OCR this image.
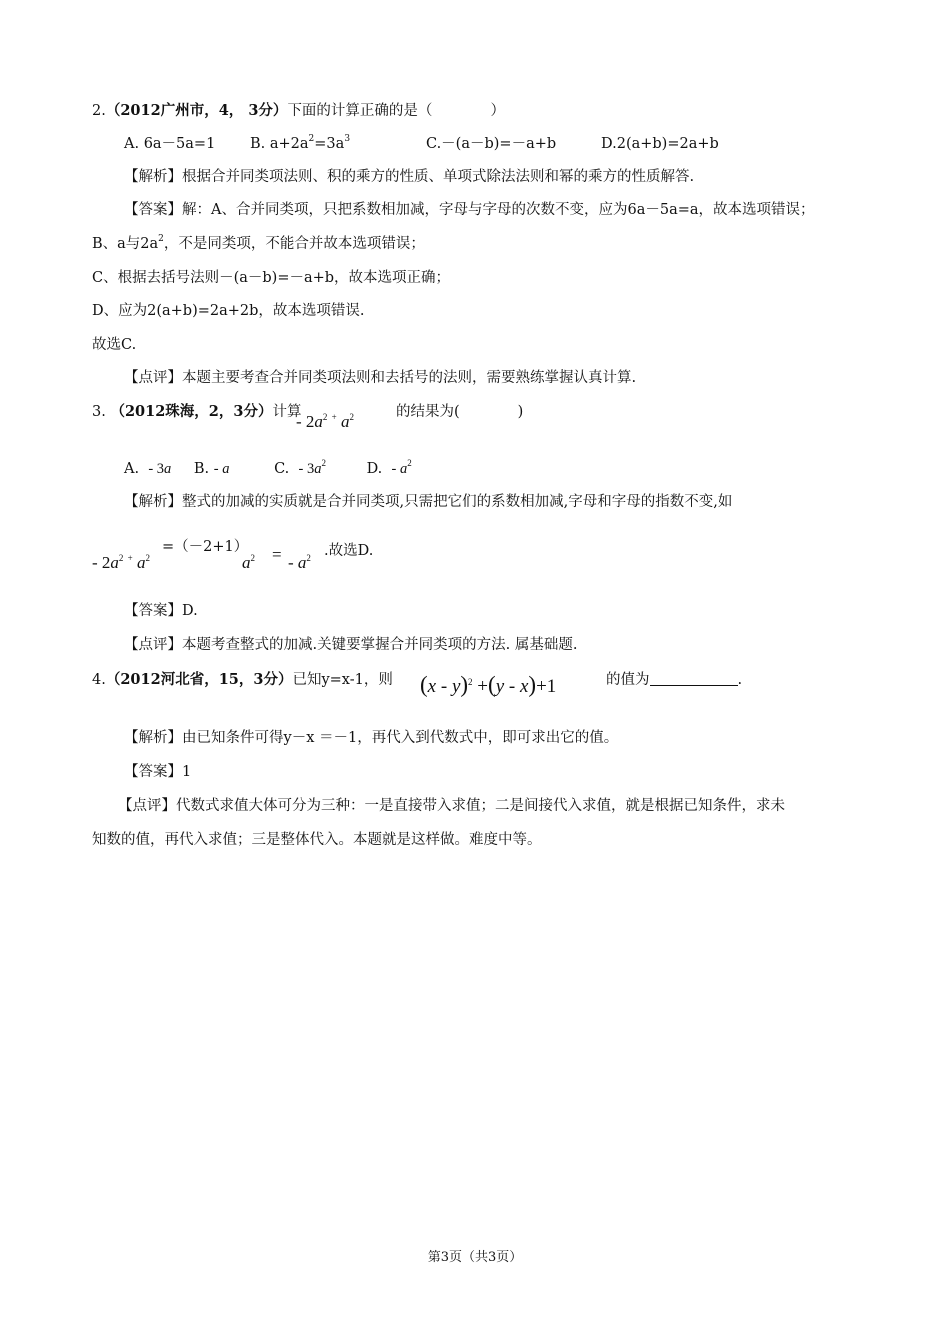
2.（2012广州市，4， 3分）下面的计算正确的是（	）
A. 6a－5a=1 B. $a+2a^2=3a^3$	C.－(a－b)=－a+b	D.2(a+b)=2a+b
【解析】根据合并同类项法则、积的乘方的性质、单项式除法法则和幂的乘方的性质解答.
【答案】解：A、合并同类项，只把系数相加减，字母与字母的次数不变，应为6a－5a=a，故本选项错误；
B、a与$2a^2$，不是同类项，不能合并故本选项错误；
C、根据去括号法则－(a－b)=－a+b，故本选项正确；
D、应为2(a+b)=2a+2b，故本选项错误.
故选C.
【点评】本题主要考查合并同类项法则和去括号的法则，需要熟练掌握认真计算.
3. （2012珠海，2，3分）计算
- $2a^2$ + $a^2$	的结果为(	)
A. - 3a B. - a	C. - $3a^2$	D. - $a^2$
【解析】整式的加减的实质就是合并同类项,只需把它们的系数相加减,字母和字母的指数不变,如
- $2a^2$ + $a^2$
=（－2+1）
$a^2$ =
- $a^2$ .故选D.
【答案】D.
【点评】本题考查整式的加减.关键要掌握合并同类项的方法. 属基础题.
4.（2012河北省，15，3分）已知y=x-1，则 (x - y)$^2$ +(y - x)+1	的值为	.
【解析】由已知条件可得y－x ＝－1，再代入到代数式中，即可求出它的值。
【答案】1
【点评】代数式求值大体可分为三种：一是直接带入求值；二是间接代入求值，就是根据已知条件，求未
知数的值，再代入求值；三是整体代入。本题就是这样做。难度中等。
第3页（共3页）
